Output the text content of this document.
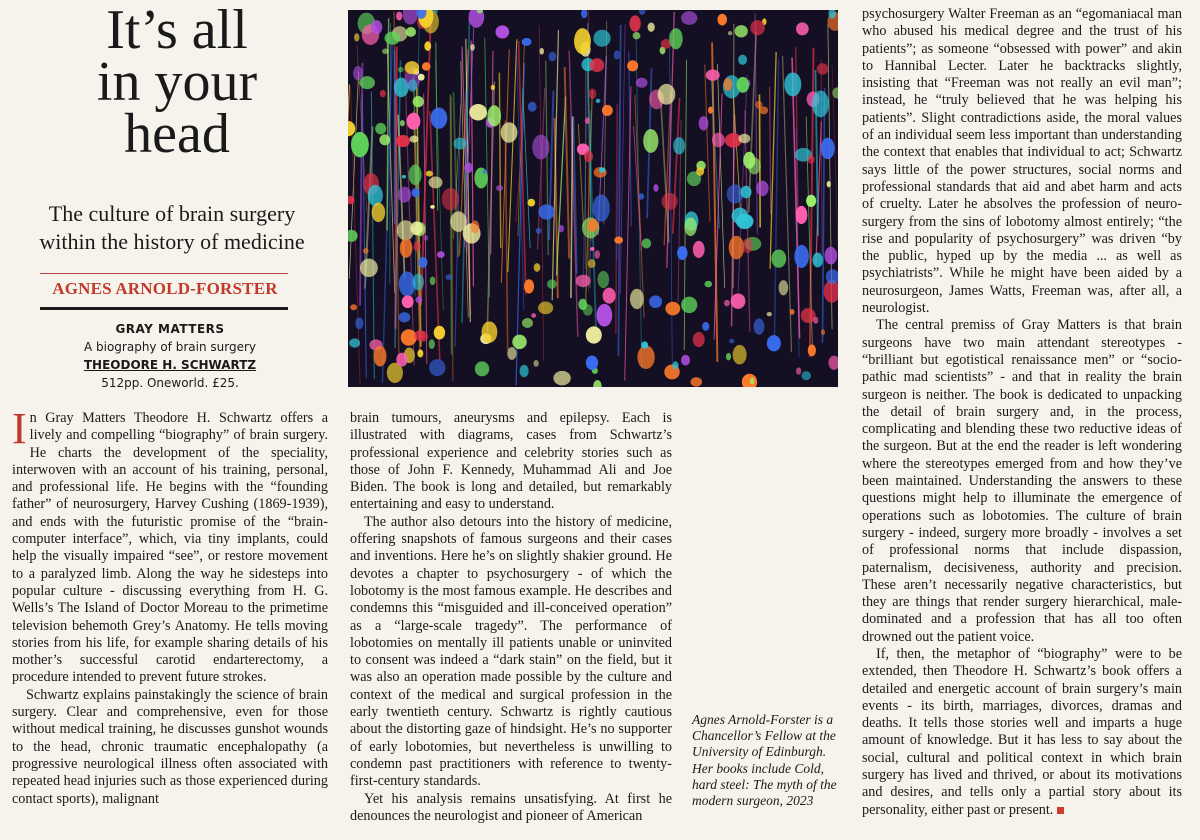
It’s all
in your
head
The culture of brain surgery
within the history of medicine
AGNES ARNOLD-FORSTER
GRAY MATTERS
A biography of brain surgery
THEODORE H. SCHWARTZ
512pp. Oneworld. £25.

In Gray Matters Theodore H. Schwartz offers a lively and compelling “biography” of brain surgery. He charts the development of the speciality, interwoven with an account of his training, personal, and professional life. He begins with the “founding father” of neurosurgery, Harvey Cushing (1869-1939), and ends with the futuristic promise of the “brain-computer interface”, which, via tiny implants, could help the visually impaired “see”, or restore movement to a paralyzed limb. Along the way he sidesteps into popular culture - discussing everything from H. G. Wells’s The Island of Doctor Moreau to the primetime television behemoth Grey’s Anatomy. He tells moving stories from his life, for example sharing details of his mother’s successful carotid endarterectomy, a procedure intended to prevent future strokes.

Schwartz explains painstakingly the science of brain surgery. Clear and comprehensive, even for those without medical training, he discusses gunshot wounds to the head, chronic traumatic encephalopathy (a progressive neurological illness often associated with repeated head injuries such as those experienced during contact sports), malignant

brain tumours, aneurysms and epilepsy. Each is illustrated with diagrams, cases from Schwartz’s professional experience and celebrity stories such as those of John F. Kennedy, Muhammad Ali and Joe Biden. The book is long and detailed, but remarkably entertaining and easy to understand.

The author also detours into the history of medicine, offering snapshots of famous surgeons and their cases and inventions. Here he’s on slightly shakier ground. He devotes a chapter to psychosurgery - of which the lobotomy is the most famous example. He describes and condemns this “misguided and ill-conceived operation” as a “large-scale tragedy”. The performance of lobotomies on mentally ill patients unable or uninvited to consent was indeed a “dark stain” on the field, but it was also an operation made possible by the culture and context of the medical and surgical profession in the early twentieth century. Schwartz is rightly cautious about the distorting gaze of hindsight. He’s no supporter of early lobotomies, but nevertheless is unwilling to condemn past practitioners with reference to twenty-first-century standards.

Yet his analysis remains unsatisfying. At first he denounces the neurologist and pioneer of American

Agnes Arnold-Forster is a Chancellor’s Fellow at the University of Edinburgh. Her books include Cold, hard steel: The myth of the modern surgeon, 2023

psychosurgery Walter Freeman as an “egomaniacal man who abused his medical degree and the trust of his patients”; as someone “obsessed with power” and akin to Hannibal Lecter. Later he backtracks slightly, insisting that “Freeman was not really an evil man”; instead, he “truly believed that he was helping his patients”. Slight contradictions aside, the moral values of an individual seem less important than understanding the context that enables that individual to act; Schwartz says little of the power structures, social norms and professional standards that aid and abet harm and acts of cruelty. Later he absolves the profession of neuro-surgery from the sins of lobotomy almost entirely; “the rise and popularity of psychosurgery” was driven “by the public, hyped up by the media ... as well as psychiatrists”. While he might have been aided by a neurosurgeon, James Watts, Freeman was, after all, a neurologist.

The central premiss of Gray Matters is that brain surgeons have two main attendant stereotypes - “brilliant but egotistical renaissance men” or “socio-pathic mad scientists” - and that in reality the brain surgeon is neither. The book is dedicated to unpacking the detail of brain surgery and, in the process, complicating and blending these two reductive ideas of the surgeon. But at the end the reader is left wondering where the stereotypes emerged from and how they’ve been maintained. Understanding the answers to these questions might help to illuminate the emergence of operations such as lobotomies. The culture of brain surgery - indeed, surgery more broadly - involves a set of professional norms that include dispassion, paternalism, decisiveness, authority and precision. These aren’t necessarily negative characteristics, but they are things that render surgery hierarchical, male-dominated and a profession that has all too often drowned out the patient voice.

If, then, the metaphor of “biography” were to be extended, then Theodore H. Schwartz’s book offers a detailed and energetic account of brain surgery’s main events - its birth, marriages, divorces, dramas and deaths. It tells those stories well and imparts a huge amount of knowledge. But it has less to say about the social, cultural and political context in which brain surgery has lived and thrived, or about its motivations and desires, and tells only a partial story about its personality, either past or present.
